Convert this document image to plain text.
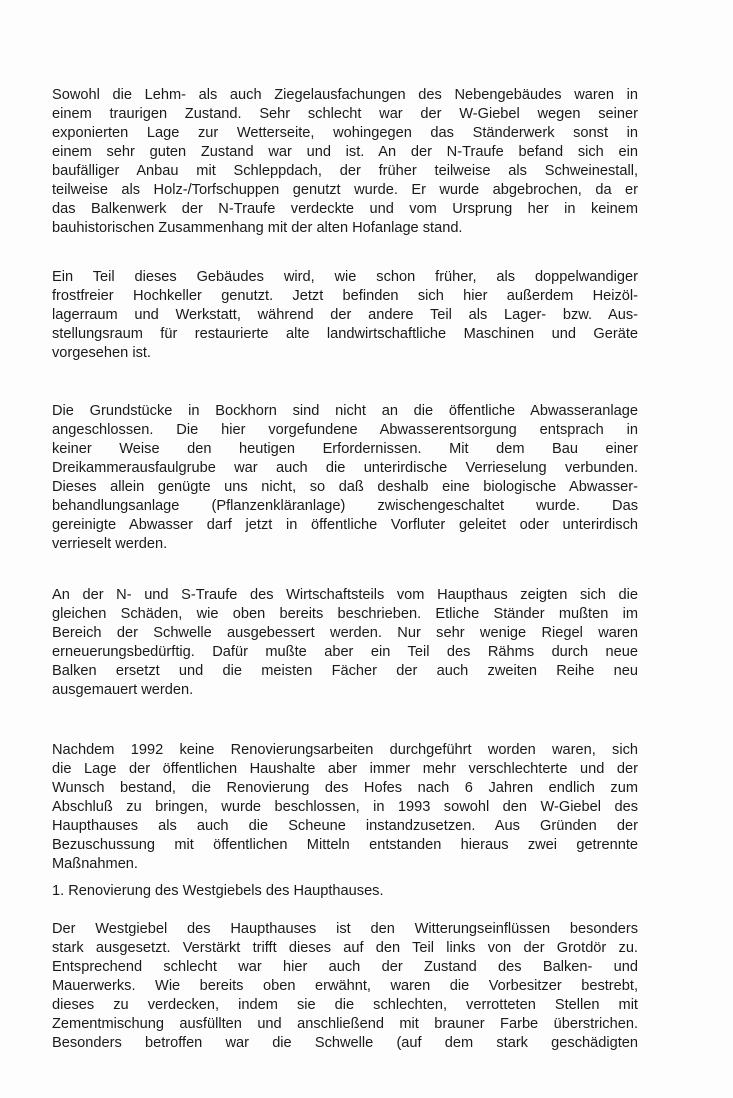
Sowohl die Lehm- als auch Ziegelausfachungen des Nebengebäudes waren in
einem traurigen Zustand. Sehr schlecht war der W-Giebel wegen seiner
exponierten Lage zur Wetterseite, wohingegen das Ständerwerk sonst in
einem sehr guten Zustand war und ist. An der N-Traufe befand sich ein
baufälliger Anbau mit Schleppdach, der früher teilweise als Schweinestall,
teilweise als Holz-/Torfschuppen genutzt wurde. Er wurde abgebrochen, da er
das Balkenwerk der N-Traufe verdeckte und vom Ursprung her in keinem
bauhistorischen Zusammenhang mit der alten Hofanlage stand.
Ein Teil dieses Gebäudes wird, wie schon früher, als doppelwandiger
frostfreier Hochkeller genutzt. Jetzt befinden sich hier außerdem Heizöl-
lagerraum und Werkstatt, während der andere Teil als Lager- bzw. Aus-
stellungsraum für restaurierte alte landwirtschaftliche Maschinen und Geräte
vorgesehen ist.
Die Grundstücke in Bockhorn sind nicht an die öffentliche Abwasseranlage
angeschlossen. Die hier vorgefundene Abwasserentsorgung entsprach in
keiner Weise den heutigen Erfordernissen. Mit dem Bau einer
Dreikammerausfaulgrube war auch die unterirdische Verrieselung verbunden.
Dieses allein genügte uns nicht, so daß deshalb eine biologische Abwasser-
behandlungsanlage (Pflanzenkläranlage) zwischengeschaltet wurde. Das
gereinigte Abwasser darf jetzt in öffentliche Vorfluter geleitet oder unterirdisch
verrieselt werden.
An der N- und S-Traufe des Wirtschaftsteils vom Haupthaus zeigten sich die
gleichen Schäden, wie oben bereits beschrieben. Etliche Ständer mußten im
Bereich der Schwelle ausgebessert werden. Nur sehr wenige Riegel waren
erneuerungsbedürftig. Dafür mußte aber ein Teil des Rähms durch neue
Balken ersetzt und die meisten Fächer der auch zweiten Reihe neu
ausgemauert werden.
Nachdem 1992 keine Renovierungsarbeiten durchgeführt worden waren, sich
die Lage der öffentlichen Haushalte aber immer mehr verschlechterte und der
Wunsch bestand, die Renovierung des Hofes nach 6 Jahren endlich zum
Abschluß zu bringen, wurde beschlossen, in 1993 sowohl den W-Giebel des
Haupthauses als auch die Scheune instandzusetzen. Aus Gründen der
Bezuschussung mit öffentlichen Mitteln entstanden hieraus zwei getrennte
Maßnahmen.
1. Renovierung des Westgiebels des Haupthauses.
Der Westgiebel des Haupthauses ist den Witterungseinflüssen besonders
stark ausgesetzt. Verstärkt trifft dieses auf den Teil links von der Grotdör zu.
Entsprechend schlecht war hier auch der Zustand des Balken- und
Mauerwerks. Wie bereits oben erwähnt, waren die Vorbesitzer bestrebt,
dieses zu verdecken, indem sie die schlechten, verrotteten Stellen mit
Zementmischung ausfüllten und anschließend mit brauner Farbe überstrichen.
Besonders betroffen war die Schwelle (auf dem stark geschädigten
